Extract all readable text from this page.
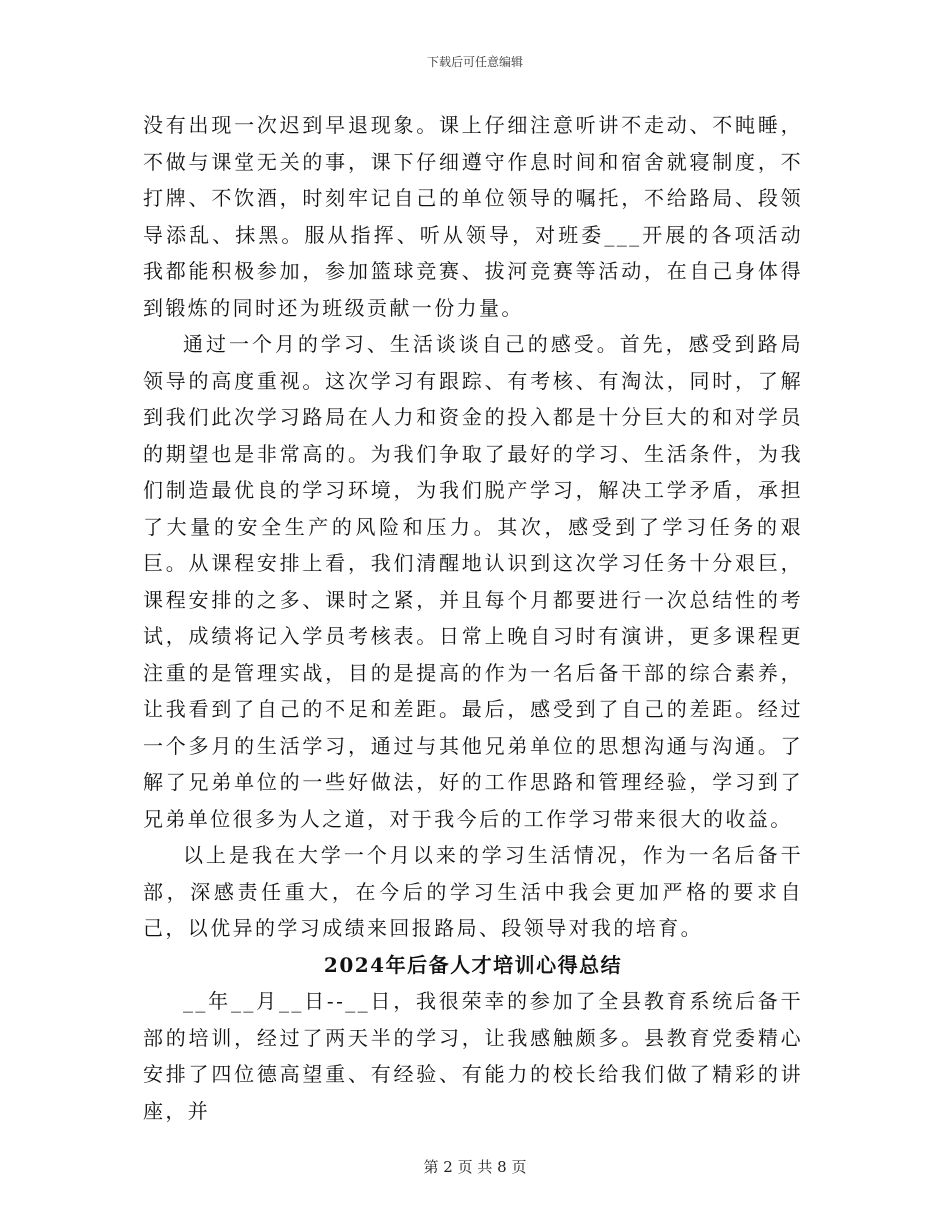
下载后可任意编辑

没有出现一次迟到早退现象。课上仔细注意听讲不走动、不盹睡，不做与课堂无关的事，课下仔细遵守作息时间和宿舍就寝制度，不打牌、不饮酒，时刻牢记自己的单位领导的嘱托，不给路局、段领导添乱、抹黑。服从指挥、听从领导，对班委___开展的各项活动我都能积极参加，参加篮球竞赛、拔河竞赛等活动，在自己身体得到锻炼的同时还为班级贡献一份力量。

通过一个月的学习、生活谈谈自己的感受。首先，感受到路局领导的高度重视。这次学习有跟踪、有考核、有淘汰，同时，了解到我们此次学习路局在人力和资金的投入都是十分巨大的和对学员的期望也是非常高的。为我们争取了最好的学习、生活条件，为我们制造最优良的学习环境，为我们脱产学习，解决工学矛盾，承担了大量的安全生产的风险和压力。其次，感受到了学习任务的艰巨。从课程安排上看，我们清醒地认识到这次学习任务十分艰巨，课程安排的之多、课时之紧，并且每个月都要进行一次总结性的考试，成绩将记入学员考核表。日常上晚自习时有演讲，更多课程更注重的是管理实战，目的是提高的作为一名后备干部的综合素养，让我看到了自己的不足和差距。最后，感受到了自己的差距。经过一个多月的生活学习，通过与其他兄弟单位的思想沟通与沟通。了解了兄弟单位的一些好做法，好的工作思路和管理经验，学习到了兄弟单位很多为人之道，对于我今后的工作学习带来很大的收益。

以上是我在大学一个月以来的学习生活情况，作为一名后备干部，深感责任重大，在今后的学习生活中我会更加严格的要求自己，以优异的学习成绩来回报路局、段领导对我的培育。

2024年后备人才培训心得总结

__年__月__日--__日，我很荣幸的参加了全县教育系统后备干部的培训，经过了两天半的学习，让我感触颇多。县教育党委精心安排了四位德高望重、有经验、有能力的校长给我们做了精彩的讲座，并

第 2 页 共 8 页
